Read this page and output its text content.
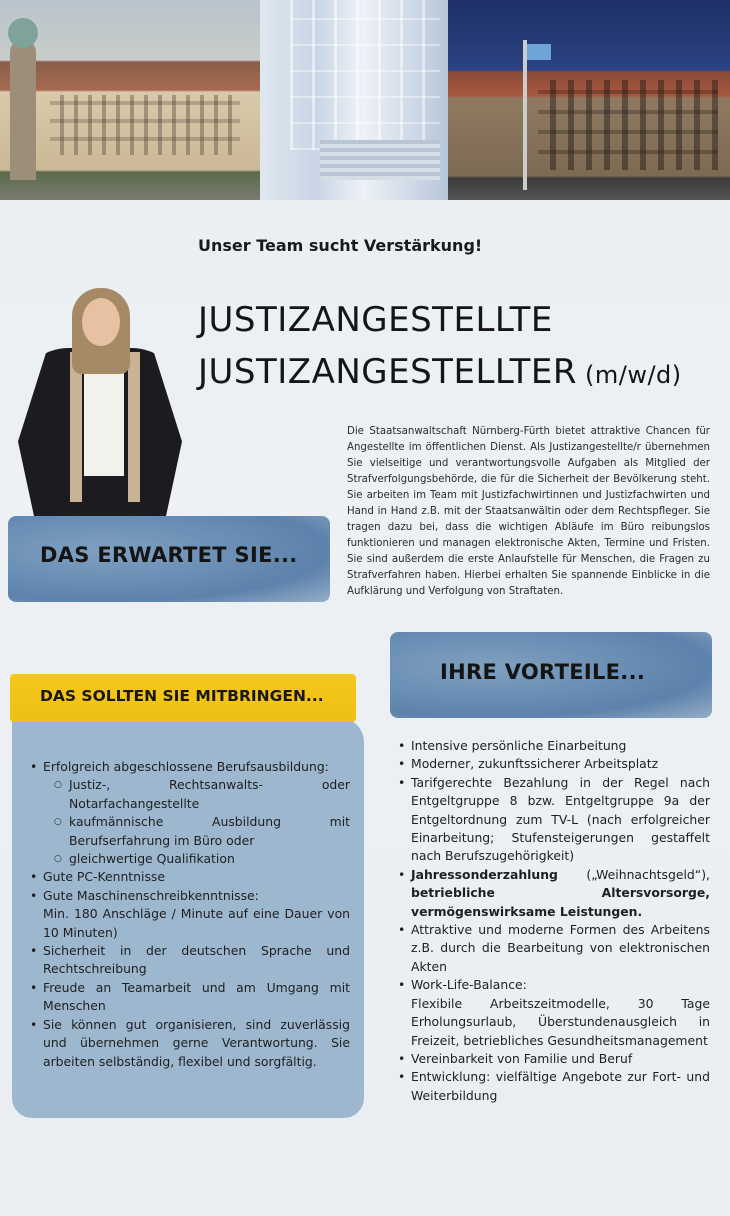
Unser Team sucht Verstärkung!
JUSTIZANGESTELLTE
JUSTIZANGESTELLTER (m/w/d)
DAS ERWARTET SIE...
Die Staatsanwaltschaft Nürnberg-Fürth bietet attraktive Chancen für Angestellte im öffentlichen Dienst. Als Justizangestellte/r übernehmen Sie vielseitige und verantwortungsvolle Aufgaben als Mitglied der Strafverfolgungsbehörde, die für die Sicherheit der Bevölkerung steht. Sie arbeiten im Team mit Justizfachwirtinnen und Justizfachwirten und Hand in Hand z.B. mit der Staatsanwältin oder dem Rechtspfleger. Sie tragen dazu bei, dass die wichtigen Abläufe im Büro reibungslos funktionieren und managen elektronische Akten, Termine und Fristen. Sie sind außerdem die erste Anlaufstelle für Menschen, die Fragen zu Strafverfahren haben. Hierbei erhalten Sie spannende Einblicke in die Aufklärung und Verfolgung von Straftaten.
IHRE VORTEILE...
DAS SOLLTEN SIE MITBRINGEN...
• Erfolgreich abgeschlossene Berufsausbildung:
○ Justiz-, Rechtsanwalts- oder Notarfachangestellte
○ kaufmännische Ausbildung mit Berufserfahrung im Büro oder
○ gleichwertige Qualifikation
• Gute PC-Kenntnisse
• Gute Maschinenschreibkenntnisse:
Min. 180 Anschläge / Minute auf eine Dauer von 10 Minuten)
• Sicherheit in der deutschen Sprache und Rechtschreibung
• Freude an Teamarbeit und am Umgang mit Menschen
• Sie können gut organisieren, sind zuverlässig und übernehmen gerne Verantwortung. Sie arbeiten selbständig, flexibel und sorgfältig.
• Intensive persönliche Einarbeitung
• Moderner, zukunftssicherer Arbeitsplatz
• Tarifgerechte Bezahlung in der Regel nach Entgeltgruppe 8 bzw. Entgeltgruppe 9a der Entgeltordnung zum TV-L (nach erfolgreicher Einarbeitung; Stufensteigerungen gestaffelt nach Berufszugehörigkeit)
• Jahressonderzahlung („Weihnachtsgeld“), betriebliche Altersvorsorge, vermögenswirksame Leistungen.
• Attraktive und moderne Formen des Arbeitens z.B. durch die Bearbeitung von elektronischen Akten
• Work-Life-Balance:
Flexibile Arbeitszeitmodelle, 30 Tage Erholungsurlaub, Überstundenausgleich in Freizeit, betriebliches Gesundheitsmanagement
• Vereinbarkeit von Familie und Beruf
• Entwicklung: vielfältige Angebote zur Fort- und Weiterbildung
